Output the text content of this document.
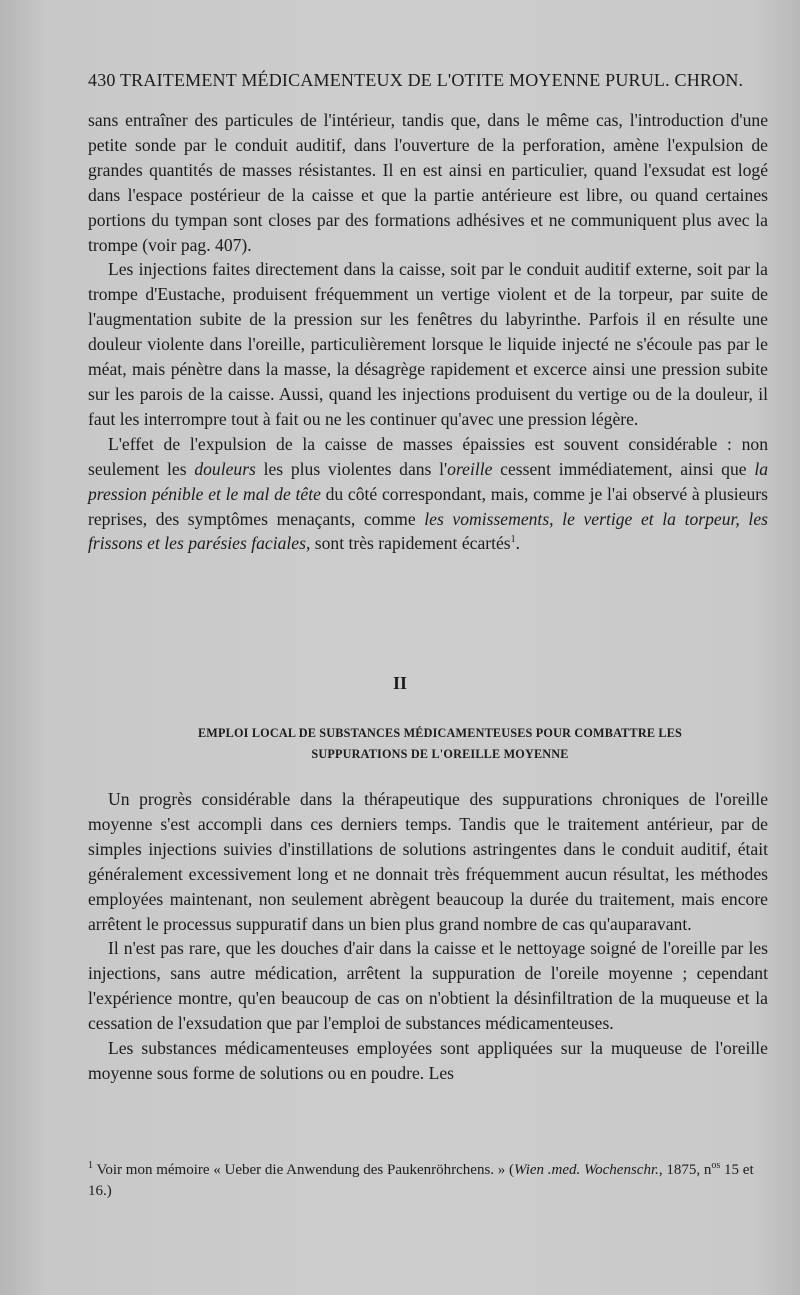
430 TRAITEMENT MÉDICAMENTEUX DE L'OTITE MOYENNE PURUL. CHRON.

sans entraîner des particules de l'intérieur, tandis que, dans le même cas, l'introduction d'une petite sonde par le conduit auditif, dans l'ouverture de la perforation, amène l'expulsion de grandes quantités de masses résistantes. Il en est ainsi en particulier, quand l'exsudat est logé dans l'espace postérieur de la caisse et que la partie antérieure est libre, ou quand certaines portions du tympan sont closes par des formations adhésives et ne communiquent plus avec la trompe (voir pag. 407).

Les injections faites directement dans la caisse, soit par le conduit auditif externe, soit par la trompe d'Eustache, produisent fréquemment un vertige violent et de la torpeur, par suite de l'augmentation subite de la pression sur les fenêtres du labyrinthe. Parfois il en résulte une douleur violente dans l'oreille, particulièrement lorsque le liquide injecté ne s'écoule pas par le méat, mais pénètre dans la masse, la désagrège rapidement et excerce ainsi une pression subite sur les parois de la caisse. Aussi, quand les injections produisent du vertige ou de la douleur, il faut les interrompre tout à fait ou ne les continuer qu'avec une pression légère.

L'effet de l'expulsion de la caisse de masses épaissies est souvent considérable : non seulement les douleurs les plus violentes dans l'oreille cessent immédiatement, ainsi que la pression pénible et le mal de tête du côté correspondant, mais, comme je l'ai observé à plusieurs reprises, des symptômes menaçants, comme les vomissements, le vertige et la torpeur, les frissons et les parésies faciales, sont très rapidement écartés$^1$.

II
EMPLOI LOCAL DE SUBSTANCES MÉDICAMENTEUSES POUR COMBATTRE LES
SUPPURATIONS DE L'OREILLE MOYENNE

Un progrès considérable dans la thérapeutique des suppurations chroniques de l'oreille moyenne s'est accompli dans ces derniers temps. Tandis que le traitement antérieur, par de simples injections suivies d'instillations de solutions astringentes dans le conduit auditif, était généralement excessivement long et ne donnait très fréquemment aucun résultat, les méthodes employées maintenant, non seulement abrègent beaucoup la durée du traitement, mais encore arrêtent le processus suppuratif dans un bien plus grand nombre de cas qu'auparavant.

Il n'est pas rare, que les douches d'air dans la caisse et le nettoyage soigné de l'oreille par les injections, sans autre médication, arrêtent la suppuration de l'oreile moyenne ; cependant l'expérience montre, qu'en beaucoup de cas on n'obtient la désinfiltration de la muqueuse et la cessation de l'exsudation que par l'emploi de substances médicamenteuses.

Les substances médicamenteuses employées sont appliquées sur la muqueuse de l'oreille moyenne sous forme de solutions ou en poudre. Les

$^1$ Voir mon mémoire « Ueber die Anwendung des Paukenröhrchens. » (Wien .med. Wochenschr., 1875, $n^{os}$ 15 et 16.)
